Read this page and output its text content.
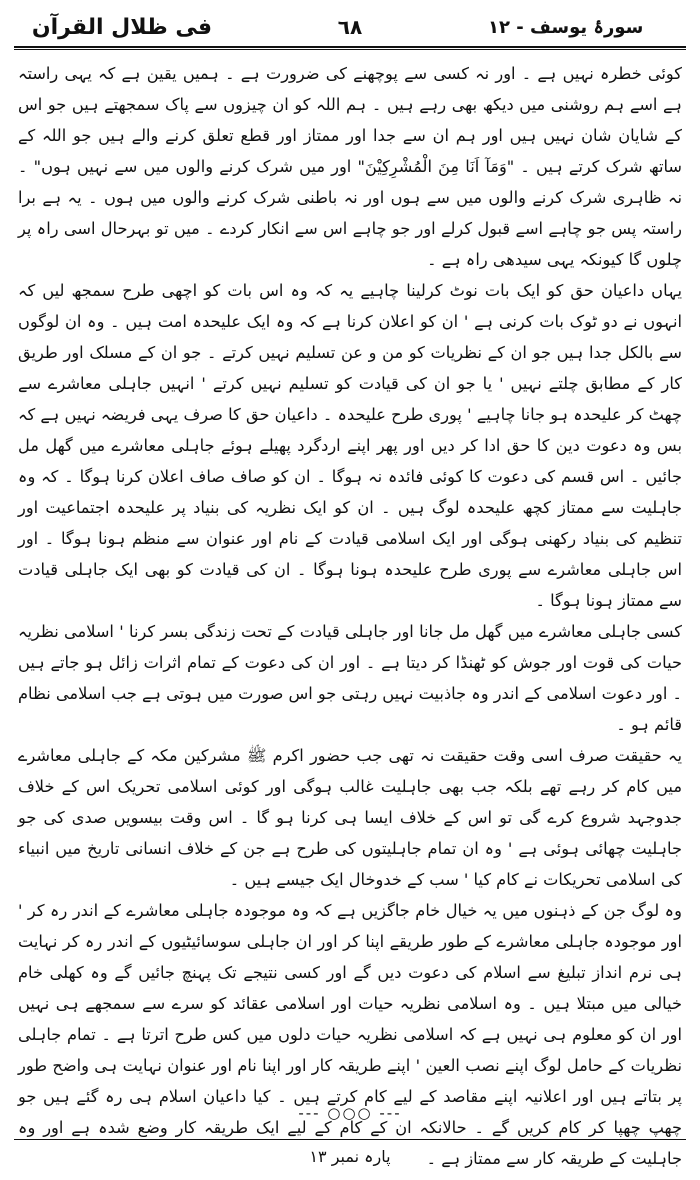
فی ظلال القرآن	٦٨	سورۂ یوسف - ١٢

کوئی خطرہ نہیں ہے ۔ اور نہ کسی سے پوچھنے کی ضرورت ہے ۔ ہمیں یقین ہے کہ یہی راستہ ہے اسے ہم روشنی میں دیکھ بھی رہے ہیں ۔ ہم اللہ کو ان چیزوں سے پاک سمجھتے ہیں جو اس کے شایان شان نہیں ہیں اور ہم ان سے جدا اور ممتاز اور قطع تعلق کرنے والے ہیں جو اللہ کے ساتھ شرک کرتے ہیں ۔ "وَمَآ اَنَا مِنَ الْمُشْرِكِیْنَ" اور میں شرک کرنے والوں میں سے نہیں ہوں" ۔ نہ ظاہری شرک کرنے والوں میں سے ہوں اور نہ باطنی شرک کرنے والوں میں ہوں ۔ یہ ہے برا راستہ پس جو چاہے اسے قبول کرلے اور جو چاہے اس سے انکار کردے ۔ میں تو بہرحال اسی راہ پر چلوں گا کیونکہ یہی سیدھی راہ ہے ۔

یہاں داعیان حق کو ایک بات نوٹ کرلینا چاہیے یہ کہ وہ اس بات کو اچھی طرح سمجھ لیں کہ انہوں نے دو ٹوک بات کرنی ہے ' ان کو اعلان کرنا ہے کہ وہ ایک علیحدہ امت ہیں ۔ وہ ان لوگوں سے بالکل جدا ہیں جو ان کے نظریات کو من و عن تسلیم نہیں کرتے ۔ جو ان کے مسلک اور طریق کار کے مطابق چلتے نہیں ' یا جو ان کی قیادت کو تسلیم نہیں کرتے ' انہیں جاہلی معاشرے سے چھٹ کر علیحدہ ہو جانا چاہیے ' پوری طرح علیحدہ ۔ داعیان حق کا صرف یہی فریضہ نہیں ہے کہ بس وہ دعوت دین کا حق ادا کر دیں اور پھر اپنے اردگرد پھیلے ہوئے جاہلی معاشرے میں گھل مل جائیں ۔ اس قسم کی دعوت کا کوئی فائدہ نہ ہوگا ۔ ان کو صاف صاف اعلان کرنا ہوگا ۔ کہ وہ جاہلیت سے ممتاز کچھ علیحدہ لوگ ہیں ۔ ان کو ایک نظریہ کی بنیاد پر علیحدہ اجتماعیت اور تنظیم کی بنیاد رکھنی ہوگی اور ایک اسلامی قیادت کے نام اور عنوان سے منظم ہونا ہوگا ۔ اور اس جاہلی معاشرے سے پوری طرح علیحدہ ہونا ہوگا ۔ ان کی قیادت کو بھی ایک جاہلی قیادت سے ممتاز ہونا ہوگا ۔

کسی جاہلی معاشرے میں گھل مل جانا اور جاہلی قیادت کے تحت زندگی بسر کرنا ' اسلامی نظریہ حیات کی قوت اور جوش کو ٹھنڈا کر دیتا ہے ۔ اور ان کی دعوت کے تمام اثرات زائل ہو جاتے ہیں ۔ اور دعوت اسلامی کے اندر وہ جاذبیت نہیں رہتی جو اس صورت میں ہوتی ہے جب اسلامی نظام قائم ہو ۔

یہ حقیقت صرف اسی وقت حقیقت نہ تھی جب حضور اکرم ﷺ مشرکین مکہ کے جاہلی معاشرے میں کام کر رہے تھے بلکہ جب بھی جاہلیت غالب ہوگی اور کوئی اسلامی تحریک اس کے خلاف جدوجہد شروع کرے گی تو اس کے خلاف ایسا ہی کرنا ہو گا ۔ اس وقت بیسویں صدی کی جو جاہلیت چھائی ہوئی ہے ' وہ ان تمام جاہلیتوں کی طرح ہے جن کے خلاف انسانی تاریخ میں انبیاء کی اسلامی تحریکات نے کام کیا ' سب کے خدوخال ایک جیسے ہیں ۔

وہ لوگ جن کے ذہنوں میں یہ خیال خام جاگزیں ہے کہ وہ موجودہ جاہلی معاشرے کے اندر رہ کر ' اور موجودہ جاہلی معاشرے کے طور طریقے اپنا کر اور ان جاہلی سوسائیٹیوں کے اندر رہ کر نہایت ہی نرم انداز تبلیغ سے اسلام کی دعوت دیں گے اور کسی نتیجے تک پہنچ جائیں گے وہ کھلی خام خیالی میں مبتلا ہیں ۔ وہ اسلامی نظریہ حیات اور اسلامی عقائد کو سرے سے سمجھے ہی نہیں اور ان کو معلوم ہی نہیں ہے کہ اسلامی نظریہ حیات دلوں میں کس طرح اترتا ہے ۔ تمام جاہلی نظریات کے حامل لوگ اپنے نصب العین ' اپنے طریقہ کار اور اپنا نام اور عنوان نہایت ہی واضح طور پر بتاتے ہیں اور اعلانیہ اپنے مقاصد کے لیے کام کرتے ہیں ۔ کیا داعیان اسلام ہی رہ گئے ہیں جو چھپ چھپا کر کام کریں گے ۔ حالانکہ ان کے کام کے لیے ایک طریقہ کار وضع شدہ ہے اور وہ جاہلیت کے طریقہ کار سے ممتاز ہے ۔

--- ○○○ ---
پارہ نمبر ١٣
